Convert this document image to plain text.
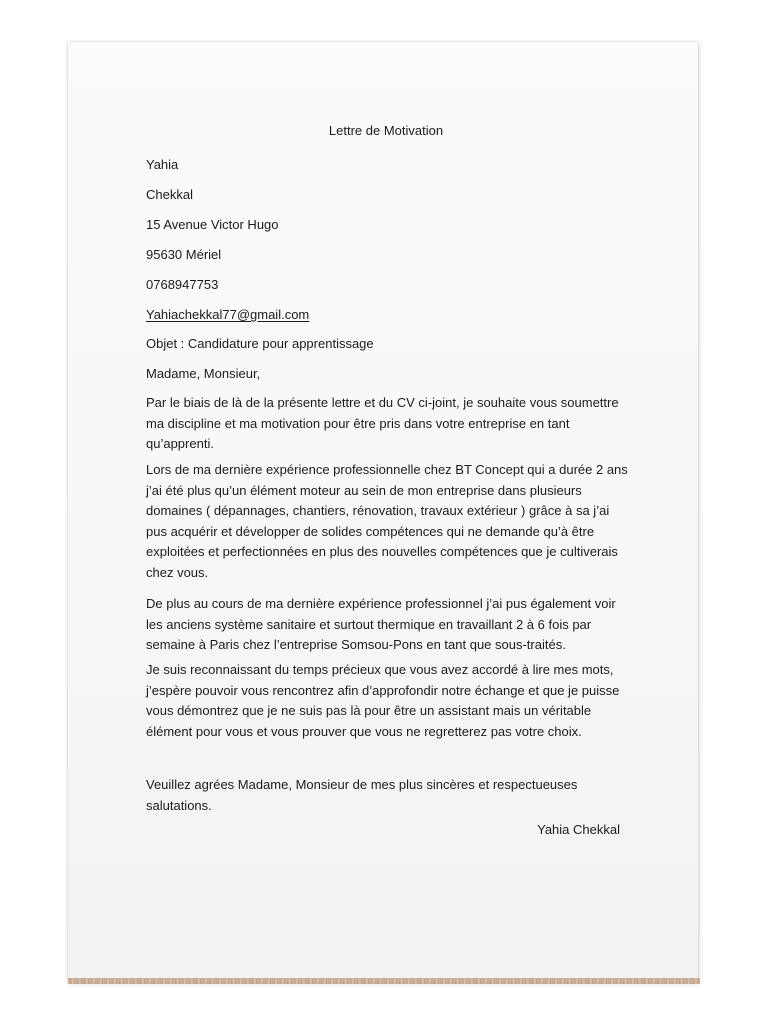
Lettre de Motivation
Yahia
Chekkal
15 Avenue Victor Hugo
95630 Mériel
0768947753
Yahiachekkal77@gmail.com
Objet : Candidature pour apprentissage
Madame, Monsieur,
Par le biais de là de la présente lettre et du CV ci-joint, je souhaite vous soumettre ma discipline et ma motivation pour être pris dans votre entreprise en tant qu’apprenti.
Lors de ma dernière expérience professionnelle chez BT Concept qui a durée 2 ans j’ai été plus qu’un élément moteur au sein de mon entreprise dans plusieurs domaines ( dépannages, chantiers, rénovation, travaux extérieur ) grâce à sa j’ai pus acquérir et développer de solides compétences qui ne demande qu’à être exploitées et perfectionnées en plus des nouvelles compétences que je cultiverais chez vous.
De plus au cours de ma dernière expérience professionnel j’ai pus également voir les anciens système sanitaire et surtout thermique en travaillant 2 à 6 fois par semaine à Paris chez l’entreprise Somsou-Pons en tant que sous-traités.
Je suis reconnaissant du temps précieux que vous avez accordé à lire mes mots, j’espère pouvoir vous rencontrez afin d’approfondir notre échange et que je puisse vous démontrez que je ne suis pas là pour être un assistant mais un véritable élément pour vous et vous prouver que vous ne regretterez pas votre choix.
Veuillez agrées Madame, Monsieur de mes plus sincères et respectueuses salutations.
Yahia Chekkal
